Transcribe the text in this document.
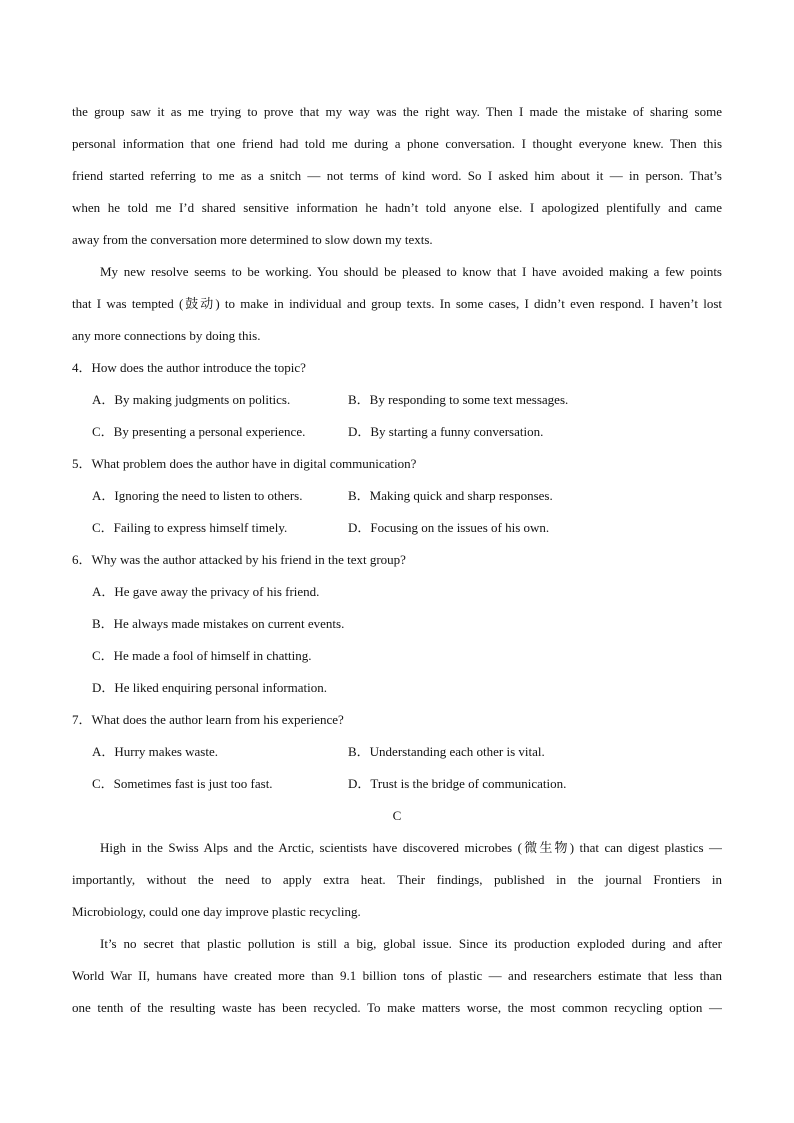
the group saw it as me trying to prove that my way was the right way. Then I made the mistake of sharing some
personal information that one friend had told me during a phone conversation. I thought everyone knew. Then this
friend started referring to me as a snitch — not terms of kind word. So I asked him about it — in person. That’s
when he told me I’d shared sensitive information he hadn’t told anyone else. I apologized plentifully and came
away from the conversation more determined to slow down my texts.
My new resolve seems to be working. You should be pleased to know that I have avoided making a few points
that I was tempted (鼓动) to make in individual and group texts. In some cases, I didn’t even respond. I haven’t lost
any more connections by doing this.
4．How does the author introduce the topic?
A．By making judgments on politics.	B．By responding to some text messages.
C．By presenting a personal experience.	D．By starting a funny conversation.
5．What problem does the author have in digital communication?
A．Ignoring the need to listen to others.	B．Making quick and sharp responses.
C．Failing to express himself timely.	D．Focusing on the issues of his own.
6．Why was the author attacked by his friend in the text group?
A．He gave away the privacy of his friend.
B．He always made mistakes on current events.
C．He made a fool of himself in chatting.
D．He liked enquiring personal information.
7．What does the author learn from his experience?
A．Hurry makes waste.	B．Understanding each other is vital.
C．Sometimes fast is just too fast.	D．Trust is the bridge of communication.
C
High in the Swiss Alps and the Arctic, scientists have discovered microbes (微生物) that can digest plastics —
importantly, without the need to apply extra heat. Their findings, published in the journal Frontiers in
Microbiology, could one day improve plastic recycling.
It’s no secret that plastic pollution is still a big, global issue. Since its production exploded during and after
World War II, humans have created more than 9.1 billion tons of plastic — and researchers estimate that less than
one tenth of the resulting waste has been recycled. To make matters worse, the most common recycling option —
